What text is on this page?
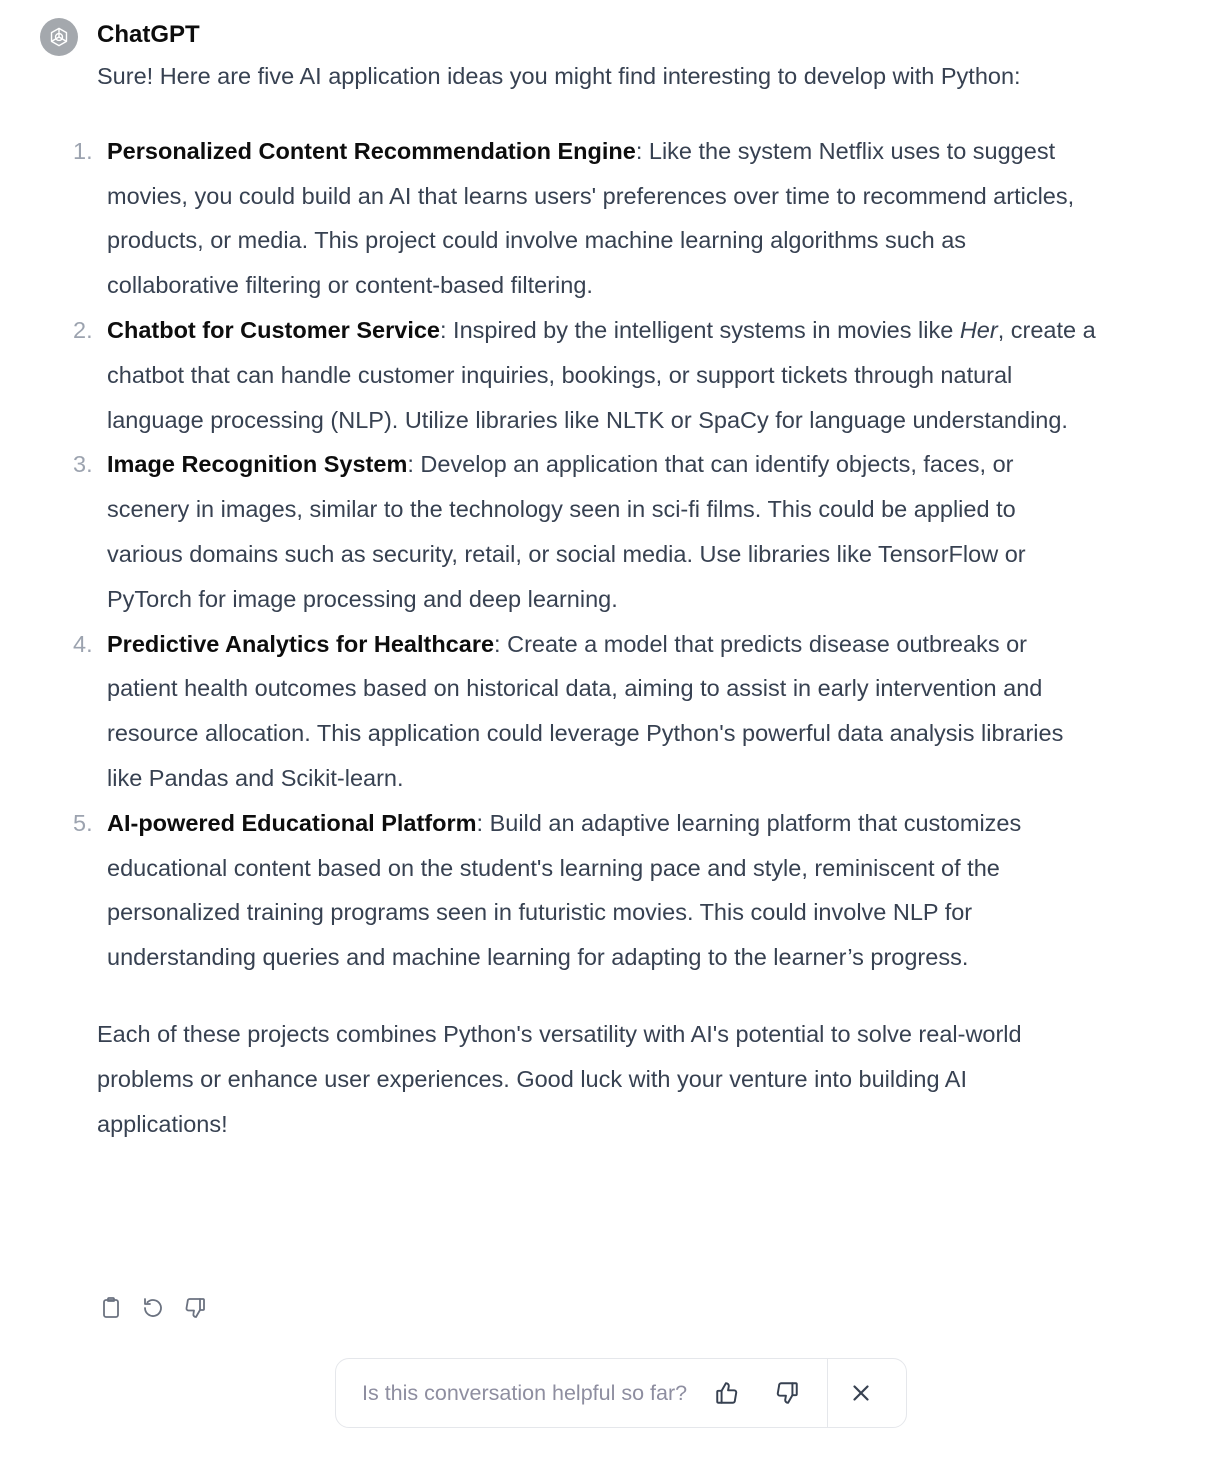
ChatGPT

Sure! Here are five AI application ideas you might find interesting to develop with Python:

1. Personalized Content Recommendation Engine: Like the system Netflix uses to suggest movies, you could build an AI that learns users' preferences over time to recommend articles, products, or media. This project could involve machine learning algorithms such as collaborative filtering or content-based filtering.
2. Chatbot for Customer Service: Inspired by the intelligent systems in movies like Her, create a chatbot that can handle customer inquiries, bookings, or support tickets through natural language processing (NLP). Utilize libraries like NLTK or SpaCy for language understanding.
3. Image Recognition System: Develop an application that can identify objects, faces, or scenery in images, similar to the technology seen in sci-fi films. This could be applied to various domains such as security, retail, or social media. Use libraries like TensorFlow or PyTorch for image processing and deep learning.
4. Predictive Analytics for Healthcare: Create a model that predicts disease outbreaks or patient health outcomes based on historical data, aiming to assist in early intervention and resource allocation. This application could leverage Python's powerful data analysis libraries like Pandas and Scikit-learn.
5. AI-powered Educational Platform: Build an adaptive learning platform that customizes educational content based on the student's learning pace and style, reminiscent of the personalized training programs seen in futuristic movies. This could involve NLP for understanding queries and machine learning for adapting to the learner’s progress.

Each of these projects combines Python's versatility with AI's potential to solve real-world problems or enhance user experiences. Good luck with your venture into building AI applications!

Is this conversation helpful so far?
